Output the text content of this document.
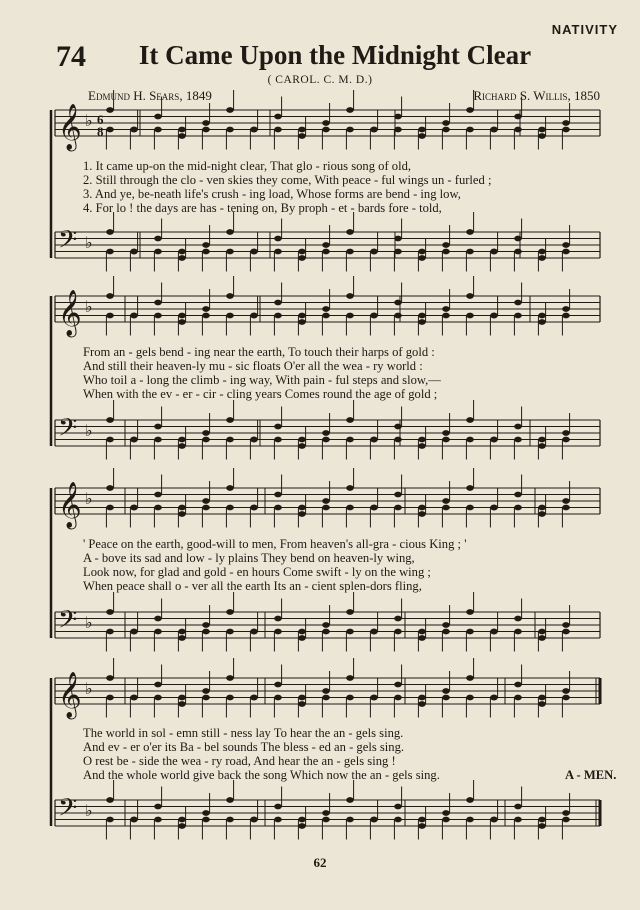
NATIVITY
74	It Came Upon the Midnight Clear
( CAROL. C. M. D.)
Edmund H. Sears, 1849	Richard S. Willis, 1850
6
8
𝄞 ♭
𝄞 ♭
𝄞 ♭
𝄞 ♭
𝄢 ♭
𝄢 ♭
𝄢 ♭
𝄢 ♭
1. It came up-on the mid-night clear, That glo - rious song of old,
2. Still through the clo - ven skies they come, With peace - ful wings un - furled ;
3. And ye, be-neath life's crush - ing load, Whose forms are bend - ing low,
4. For lo ! the days are has - tening on, By proph - et - bards fore - told,
From an - gels bend - ing near the earth, To touch their harps of gold :
And still their heaven-ly mu - sic floats O'er all the wea - ry world :
Who toil a - long the climb - ing way, With pain - ful steps and slow,—
When with the ev - er - cir - cling years Comes round the age of gold ;
' Peace on the earth, good-will to men, From heaven's all-gra - cious King ; '
A - bove its sad and low - ly plains They bend on heaven-ly wing,
Look now, for glad and gold - en hours Come swift - ly on the wing ;
When peace shall o - ver all the earth Its an - cient splen-dors fling,
The world in sol - emn still - ness lay To hear the an - gels sing.
And ev - er o'er its Ba - bel sounds The bless - ed an - gels sing.
O rest be - side the wea - ry road, And hear the an - gels sing !
And the whole world give back the song Which now the an - gels sing.	A - MEN.
62
